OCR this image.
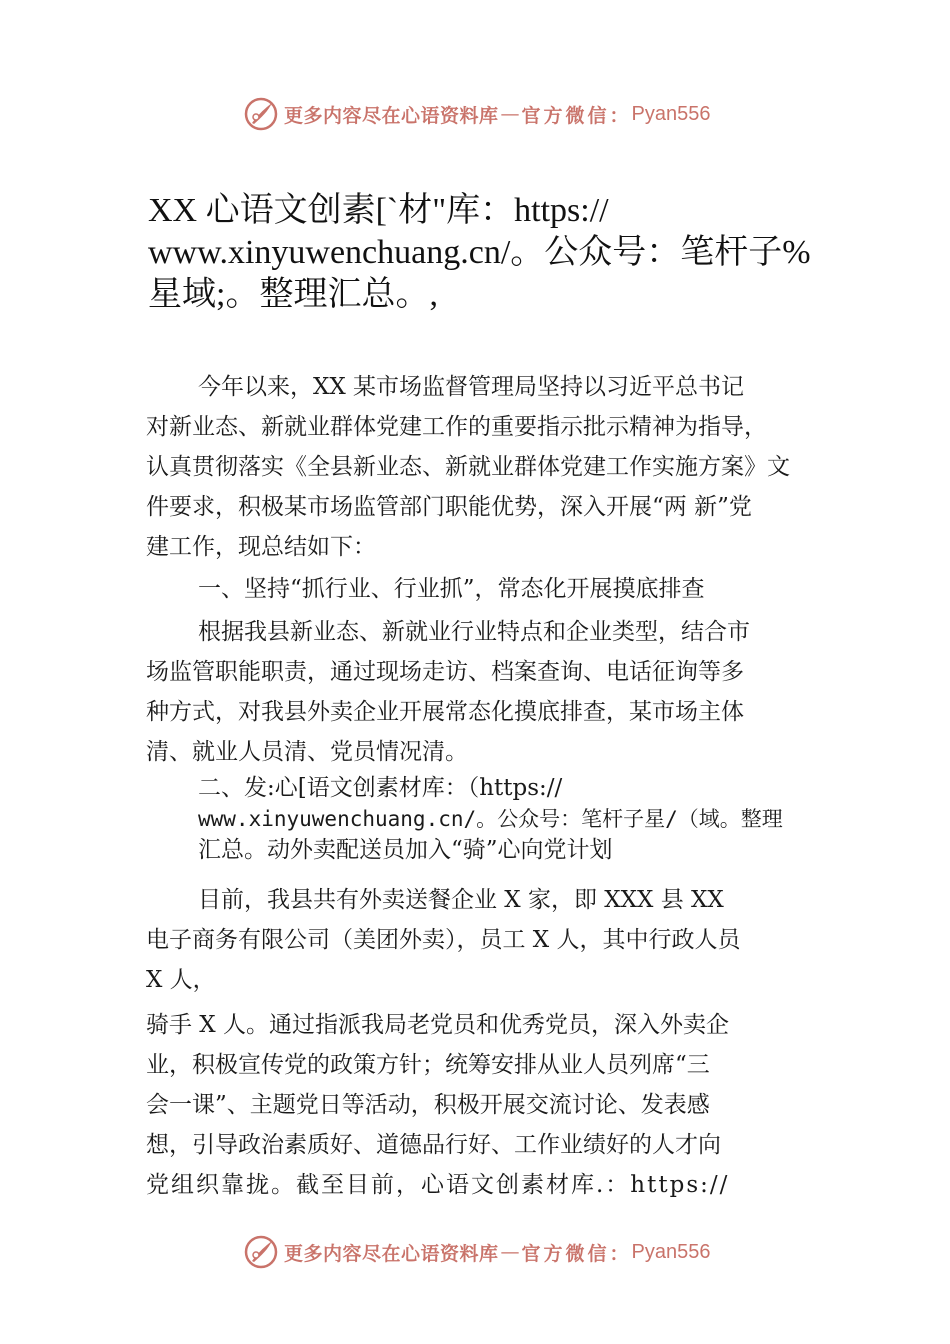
更多内容尽在心语资料库 — 官方微信： Pyan556
XX 心语文创素[`材"库：https://
www.xinyuwenchuang.cn/。公众号：笔杆子%
星域;。整理汇总。,
今年以来，XX 某市场监督管理局坚持以习近平总书记
对新业态、新就业群体党建工作的重要指示批示精神为指导，
认真贯彻落实《全县新业态、新就业群体党建工作实施方案》文
件要求，积极某市场监管部门职能优势，深入开展“两 新”党
建工作，现总结如下：
一、坚持“抓行业、行业抓”，常态化开展摸底排查
根据我县新业态、新就业行业特点和企业类型，结合市
场监管职能职责，通过现场走访、档案查询、电话征询等多
种方式，对我县外卖企业开展常态化摸底排查，某市场主体
清、就业人员清、党员情况清。
二、发:心[语文创素材库：（https://
www.xinyuwenchuang.cn/。公众号：笔杆子星/（域。整理
汇总。动外卖配送员加入“骑”心向党计划
目前，我县共有外卖送餐企业 X 家，即 XXX 县 XX
电子商务有限公司（美团外卖），员工 X 人，其中行政人员
X 人，
骑手 X 人。通过指派我局老党员和优秀党员，深入外卖企
业，积极宣传党的政策方针；统筹安排从业人员列席“三
会一课”、主题党日等活动，积极开展交流讨论、发表感
想，引导政治素质好、道德品行好、工作业绩好的人才向
党组织靠拢。截至目前，心语文创素材库.：https://
更多内容尽在心语资料库 — 官方微信： Pyan556
